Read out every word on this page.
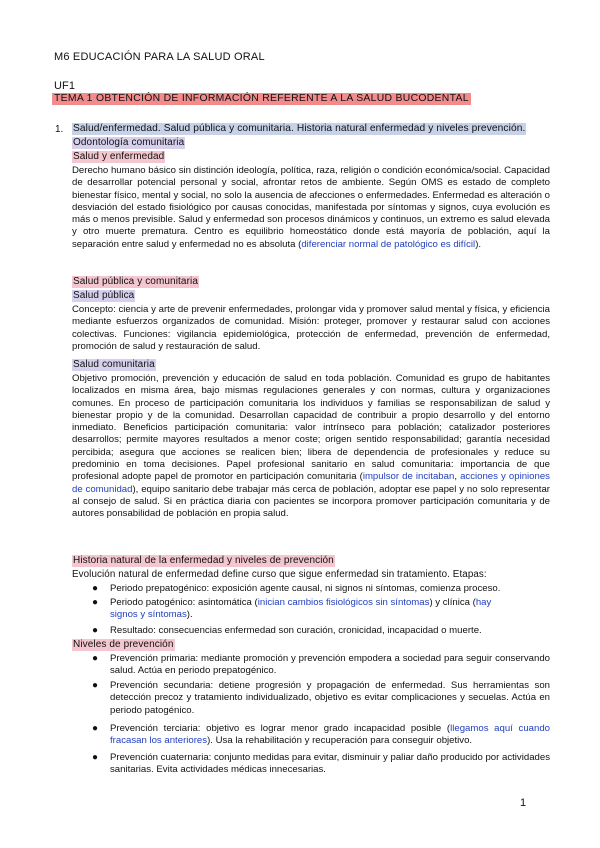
M6 EDUCACIÓN PARA LA SALUD ORAL
UF1
TEMA 1 OBTENCIÓN DE INFORMACIÓN REFERENTE A LA SALUD BUCODENTAL
1. Salud/enfermedad. Salud pública y comunitaria. Historia natural enfermedad y niveles prevención.
Odontología comunitaria
Salud y enfermedad
Derecho humano básico sin distinción ideología, política, raza, religión o condición económica/social. Capacidad de desarrollar potencial personal y social, afrontar retos de ambiente. Según OMS es estado de completo bienestar físico, mental y social, no solo la ausencia de afecciones o enfermedades. Enfermedad es alteración o desviación del estado fisiológico por causas conocidas, manifestada por síntomas y signos, cuya evolución es más o menos previsible. Salud y enfermedad son procesos dinámicos y continuos, un extremo es salud elevada y otro muerte prematura. Centro es equilibrio homeostático donde está mayoría de población, aquí la separación entre salud y enfermedad no es absoluta (diferenciar normal de patológico es difícil).
Salud pública y comunitaria
Salud pública
Concepto: ciencia y arte de prevenir enfermedades, prolongar vida y promover salud mental y física, y eficiencia mediante esfuerzos organizados de comunidad. Misión: proteger, promover y restaurar salud con acciones colectivas. Funciones: vigilancia epidemiológica, protección de enfermedad, prevención de enfermedad, promoción de salud y restauración de salud.
Salud comunitaria
Objetivo promoción, prevención y educación de salud en toda población. Comunidad es grupo de habitantes localizados en misma área, bajo mismas regulaciones generales y con normas, cultura y organizaciones comunes. En proceso de participación comunitaria los individuos y familias se responsabilizan de salud y bienestar propio y de la comunidad. Desarrollan capacidad de contribuir a propio desarrollo y del entorno inmediato. Beneficios participación comunitaria: valor intrínseco para población; catalizador posteriores desarrollos; permite mayores resultados a menor coste; origen sentido responsabilidad; garantía necesidad percibida; asegura que acciones se realicen bien; libera de dependencia de profesionales y reduce su predominio en toma decisiones. Papel profesional sanitario en salud comunitaria: importancia de que profesional adopte papel de promotor en participación comunitaria (impulsor de incitaban, acciones y opiniones de comunidad), equipo sanitario debe trabajar más cerca de población, adoptar ese papel y no solo representar al consejo de salud. Si en práctica diaria con pacientes se incorpora promover participación comunitaria y de autores ponsabilidad de población en propia salud.
Historia natural de la enfermedad y niveles de prevención
Evolución natural de enfermedad define curso que sigue enfermedad sin tratamiento. Etapas:
● Periodo prepatogénico: exposición agente causal, ni signos ni síntomas, comienza proceso.
● Periodo patogénico: asintomática (inician cambios fisiológicos sin síntomas) y clínica (hay
signos y síntomas).
● Resultado: consecuencias enfermedad son curación, cronicidad, incapacidad o muerte.
Niveles de prevención
● Prevención primaria: mediante promoción y prevención empodera a sociedad para seguir conservando salud. Actúa en periodo prepatogénico.
● Prevención secundaria: detiene progresión y propagación de enfermedad. Sus herramientas son detección precoz y tratamiento individualizado, objetivo es evitar complicaciones y secuelas. Actúa en periodo patogénico.
● Prevención terciaria: objetivo es lograr menor grado incapacidad posible (llegamos aquí cuando fracasan los anteriores). Usa la rehabilitación y recuperación para conseguir objetivo.
● Prevención cuaternaria: conjunto medidas para evitar, disminuir y paliar daño producido por actividades sanitarias. Evita actividades médicas innecesarias.
1
